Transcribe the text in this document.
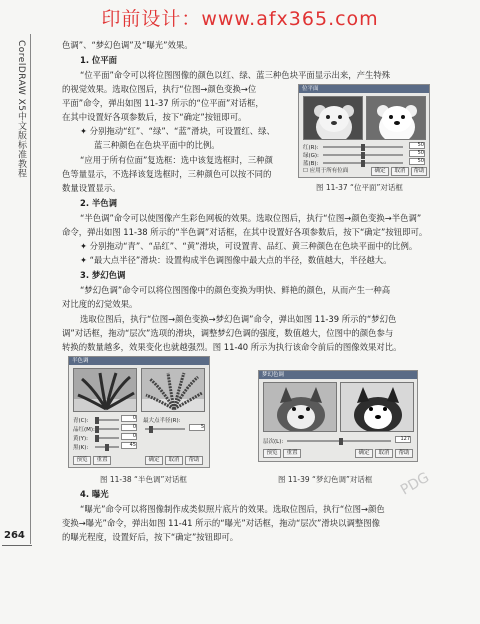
印前设计：www.afx365.com
CorelDRAW X5中文版标准教程
264
色调”、“梦幻色调”及“曝光”效果。
1. 位平面
“位平面”命令可以将位图图像的颜色以红、绿、蓝三种色块平面显示出来，产生特殊
的视觉效果。选取位图后，执行“位图→颜色变换→位
平面”命令，弹出如图 11-37 所示的“位平面”对话框，
在其中设置好各项参数后，按下“确定”按钮即可。
✦ 分别拖动“红”、“绿”、“蓝”滑块，可设置红、绿、
蓝三种颜色在色块平面中的比例。
“应用于所有位面”复选框：选中该复选框时，三种颜
色等量显示，不选择该复选框时，三种颜色可以按不同的
数量设置显示。
2. 半色调
“半色调”命令可以使图像产生彩色网板的效果。选取位图后，执行“位图→颜色变换→半色调”
命令，弹出如图 11-38 所示的“半色调”对话框，在其中设置好各项参数后，按下“确定”按钮即可。
✦ 分别拖动“青”、“品红”、“黄”滑块，可设置青、品红、黄三种颜色在色块平面中的比例。
✦ “最大点半径”滑块：设置构成半色调图像中最大点的半径，数值越大，半径越大。
3. 梦幻色调
“梦幻色调”命令可以将位图图像中的颜色变换为明快、鲜艳的颜色，从而产生一种高
对比度的幻觉效果。
选取位图后，执行“位图→颜色变换→梦幻色调”命令，弹出如图 11-39 所示的“梦幻色
调”对话框，拖动“层次”选项的滑块，调整梦幻色调的强度，数值越大，位图中的颜色参与
转换的数量越多，效果变化也就越强烈。图 11-40 所示为执行该命令前后的图像效果对比。
4. 曝光
“曝光”命令可以将图像制作成类似照片底片的效果。选取位图后，执行“位图→颜色
变换→曝光”命令，弹出如图 11-41 所示的“曝光”对话框，拖动“层次”滑块以调整图像
的曝光程度，设置好后，按下“确定”按钮即可。
位平面
红(R):	50
绿(G):	50
蓝(B):	50
☐ 应用于所有位面	确定	取消	帮助
图 11-37 “位平面”对话框
半色调
青(C):	0
品红(M):	0
黄(Y):	0
黑(K):	45
最大点半径(R):
5
预览	重置	确定	取消	帮助
图 11-38 “半色调”对话框
梦幻色调
层次(L):	127
预览	重置	确定	取消	帮助
图 11-39 “梦幻色调”对话框 PDG
